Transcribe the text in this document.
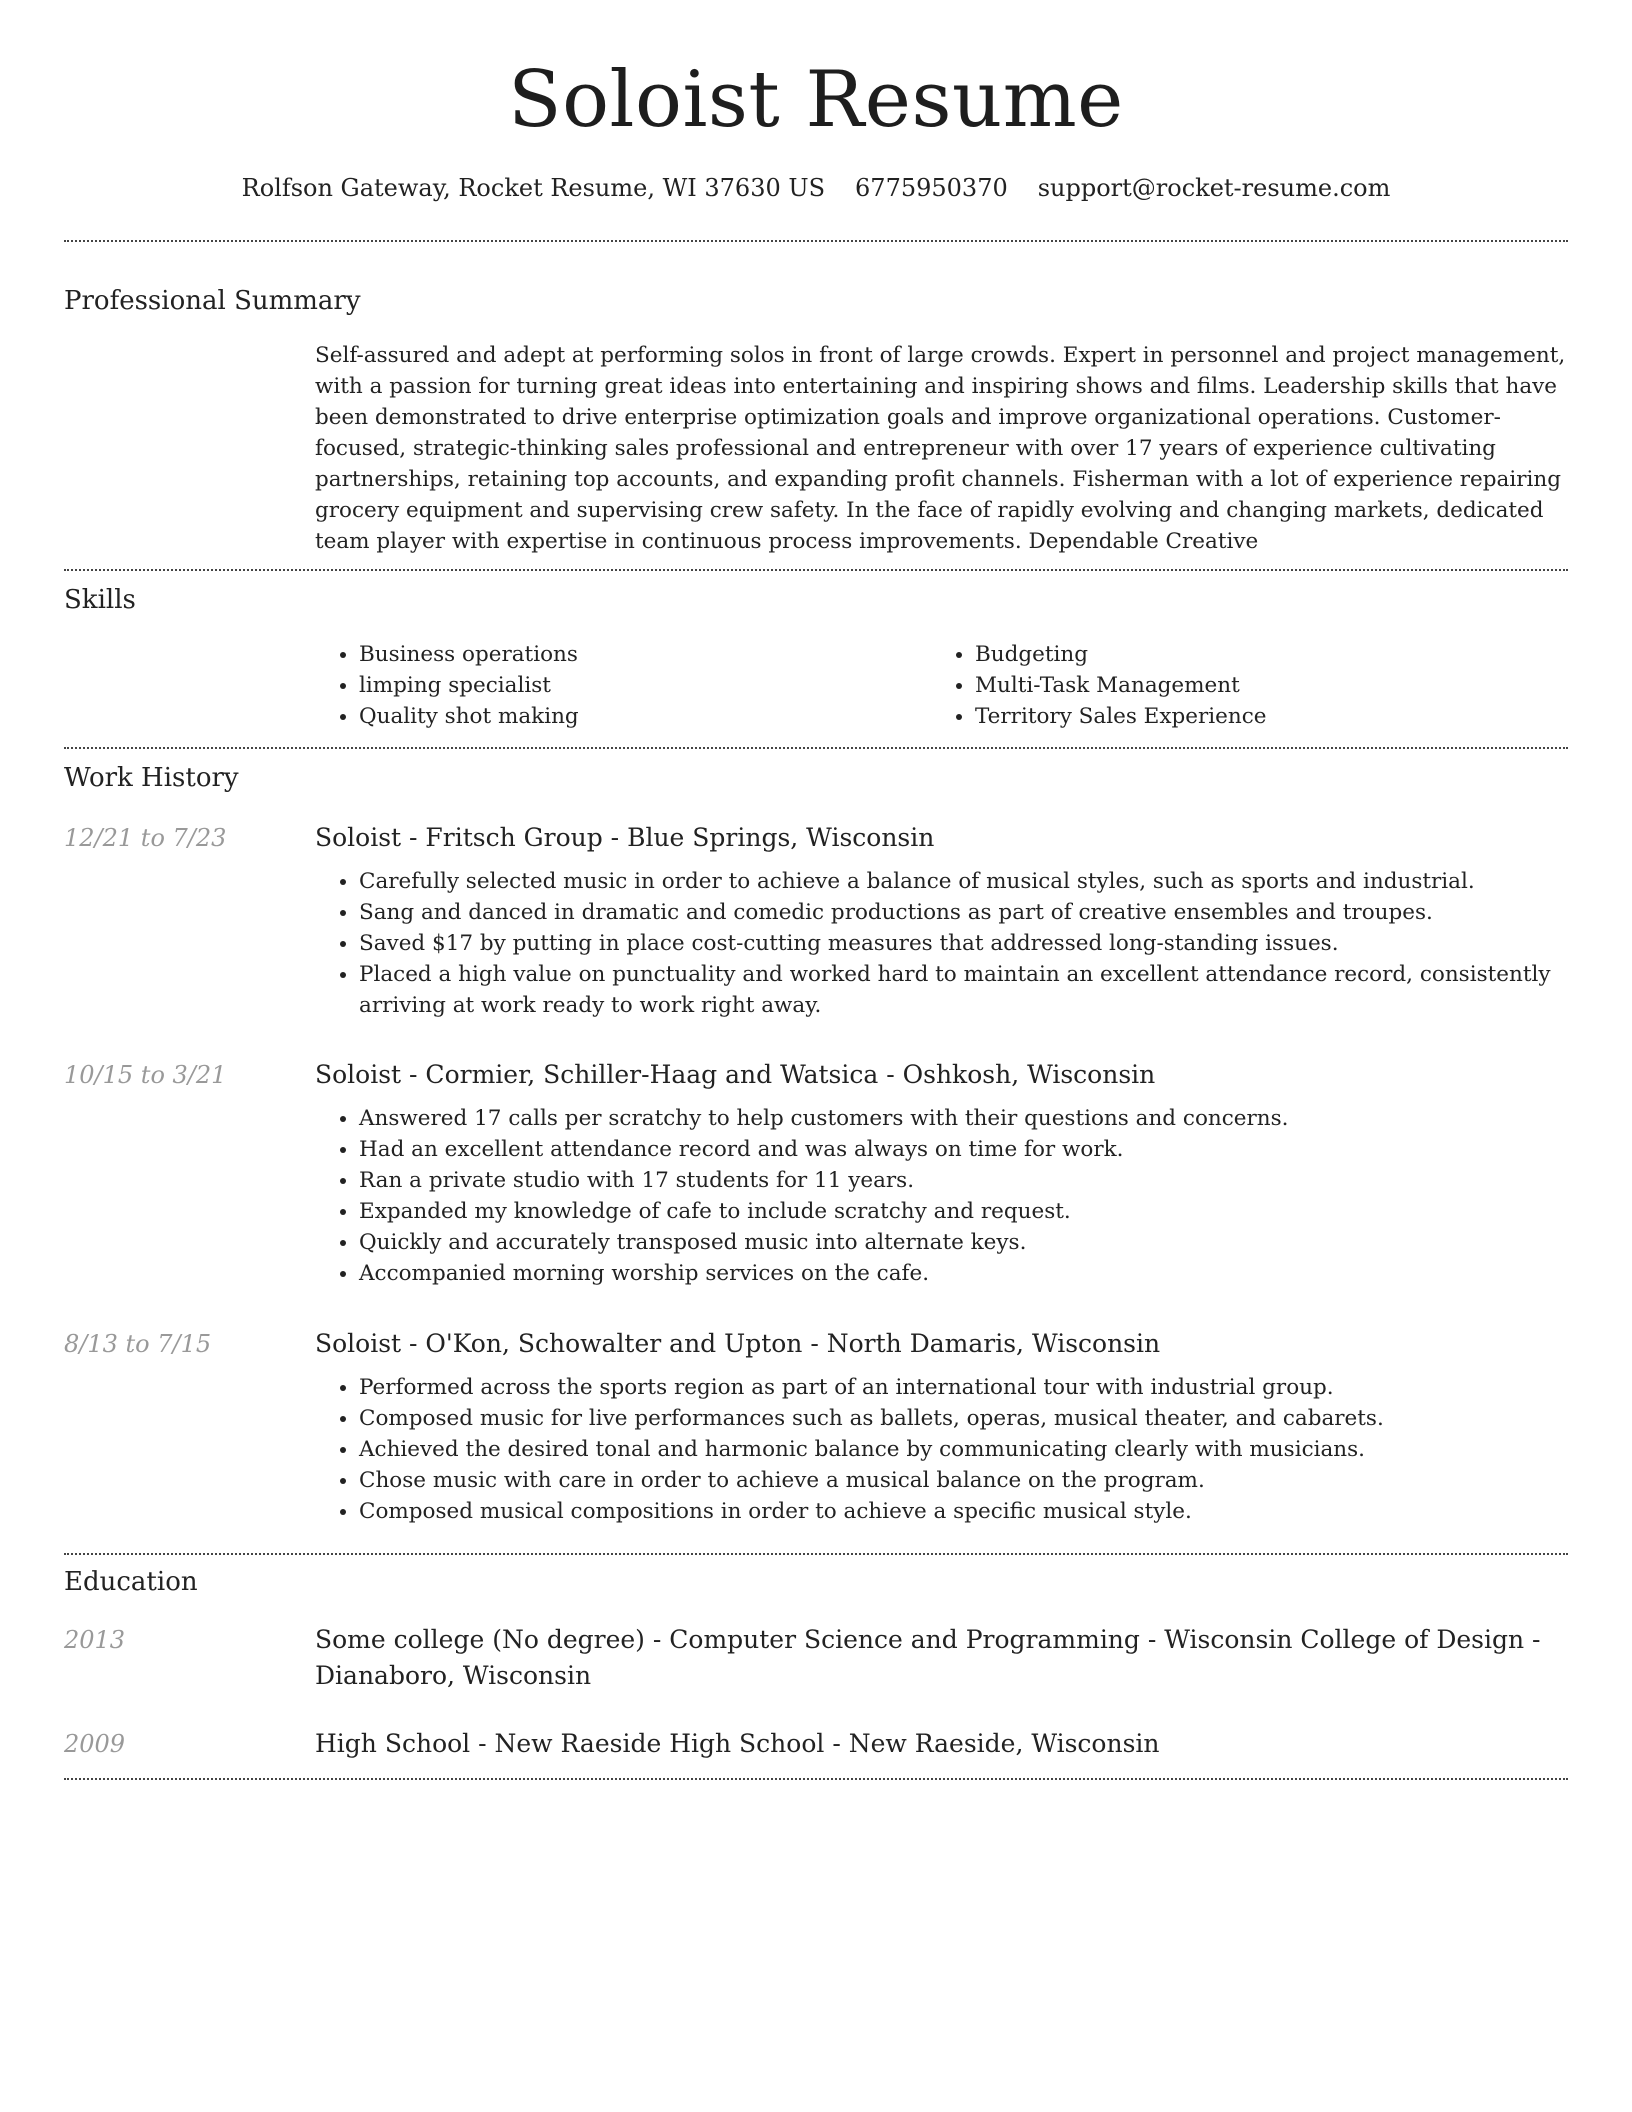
Soloist Resume
Rolfson Gateway, Rocket Resume, WI 37630 US 6775950370 support@rocket-resume.com
Professional Summary

Self-assured and adept at performing solos in front of large crowds. Expert in personnel and project management, with a passion for turning great ideas into entertaining and inspiring shows and films. Leadership skills that have been demonstrated to drive enterprise optimization goals and improve organizational operations. Customer-focused, strategic-thinking sales professional and entrepreneur with over 17 years of experience cultivating partnerships, retaining top accounts, and expanding profit channels. Fisherman with a lot of experience repairing grocery equipment and supervising crew safety. In the face of rapidly evolving and changing markets, dedicated team player with expertise in continuous process improvements. Dependable Creative

Skills
• Business operations
• limping specialist
• Quality shot making
• Budgeting
• Multi-Task Management
• Territory Sales Experience
Work History
12/21 to 7/23	Soloist - Fritsch Group - Blue Springs, Wisconsin

• Carefully selected music in order to achieve a balance of musical styles, such as sports and industrial.
• Sang and danced in dramatic and comedic productions as part of creative ensembles and troupes.
• Saved $17 by putting in place cost-cutting measures that addressed long-standing issues.
• Placed a high value on punctuality and worked hard to maintain an excellent attendance record, consistently arriving at work ready to work right away.
10/15 to 3/21	Soloist - Cormier, Schiller-Haag and Watsica - Oshkosh, Wisconsin

• Answered 17 calls per scratchy to help customers with their questions and concerns.
• Had an excellent attendance record and was always on time for work.
• Ran a private studio with 17 students for 11 years.
• Expanded my knowledge of cafe to include scratchy and request.
• Quickly and accurately transposed music into alternate keys.
• Accompanied morning worship services on the cafe.
8/13 to 7/15	Soloist - O'Kon, Schowalter and Upton - North Damaris, Wisconsin

• Performed across the sports region as part of an international tour with industrial group.
• Composed music for live performances such as ballets, operas, musical theater, and cabarets.
• Achieved the desired tonal and harmonic balance by communicating clearly with musicians.
• Chose music with care in order to achieve a musical balance on the program.
• Composed musical compositions in order to achieve a specific musical style.
Education
2013	Some college (No degree) - Computer Science and Programming - Wisconsin College of Design - Dianaboro, Wisconsin

2009	High School - New Raeside High School - New Raeside, Wisconsin
